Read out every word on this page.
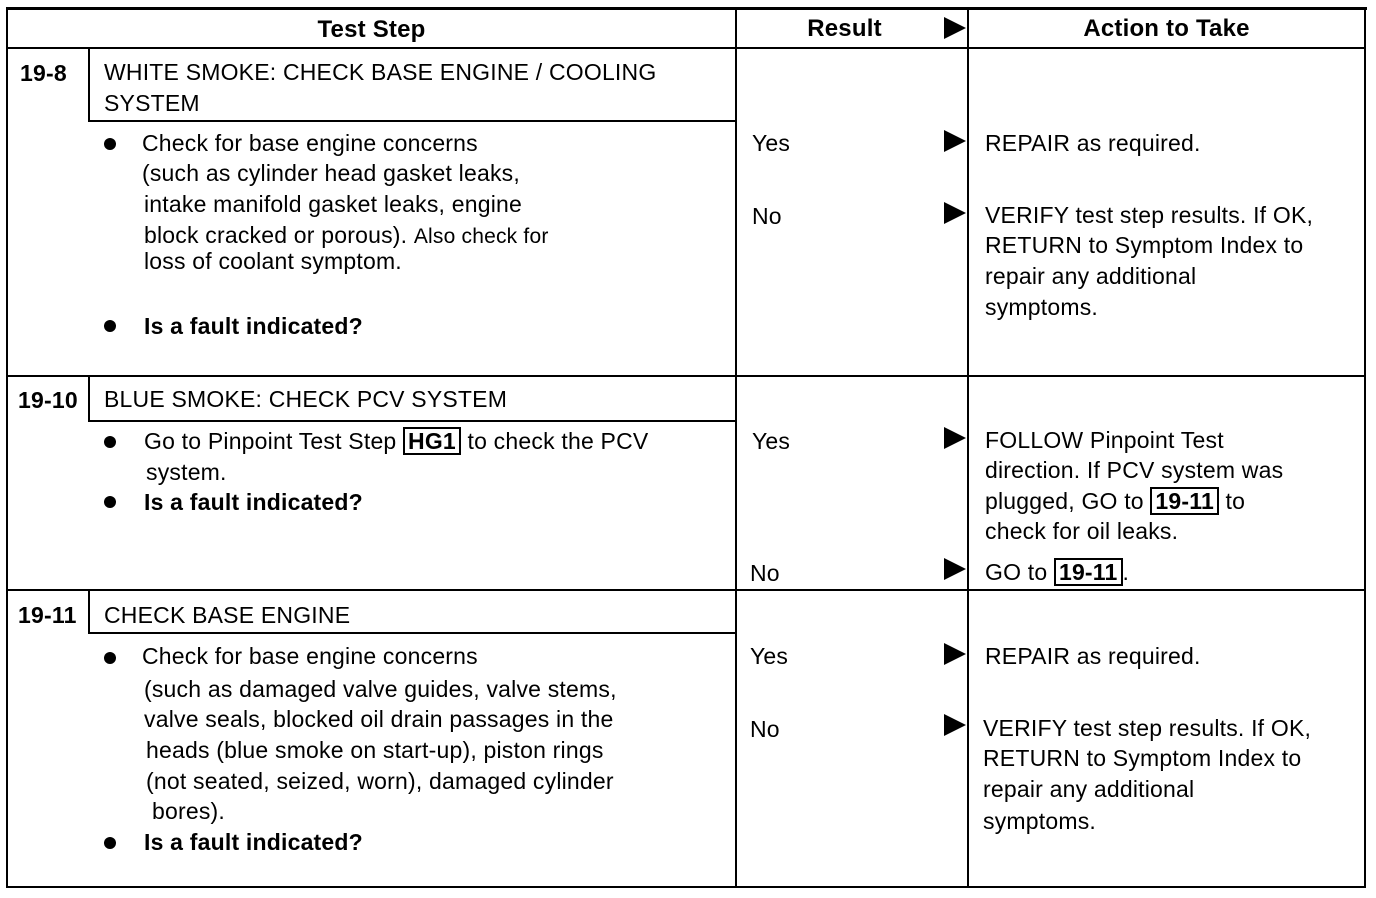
Test Step	Result	Action to Take
19-8 WHITE SMOKE: CHECK BASE ENGINE / COOLING
SYSTEM
Check for base engine concerns
(such as cylinder head gasket leaks,
intake manifold gasket leaks, engine
block cracked or porous). Also check for
loss of coolant symptom.
Is a fault indicated?
Yes	REPAIR as required.
No	VERIFY test step results. If OK,
RETURN to Symptom Index to
repair any additional
symptoms.
19-10 BLUE SMOKE: CHECK PCV SYSTEM
Go to Pinpoint Test Step HG1 to check the PCV
system.
Is a fault indicated?
Yes	FOLLOW Pinpoint Test
direction. If PCV system was
plugged, GO to 19-11 to
check for oil leaks.
No	GO to 19-11 .
19-11 CHECK BASE ENGINE
Check for base engine concerns
(such as damaged valve guides, valve stems,
valve seals, blocked oil drain passages in the
heads (blue smoke on start-up), piston rings
(not seated, seized, worn), damaged cylinder
bores).
Is a fault indicated?
Yes	REPAIR as required.
No	VERIFY test step results. If OK,
RETURN to Symptom Index to
repair any additional
symptoms.
